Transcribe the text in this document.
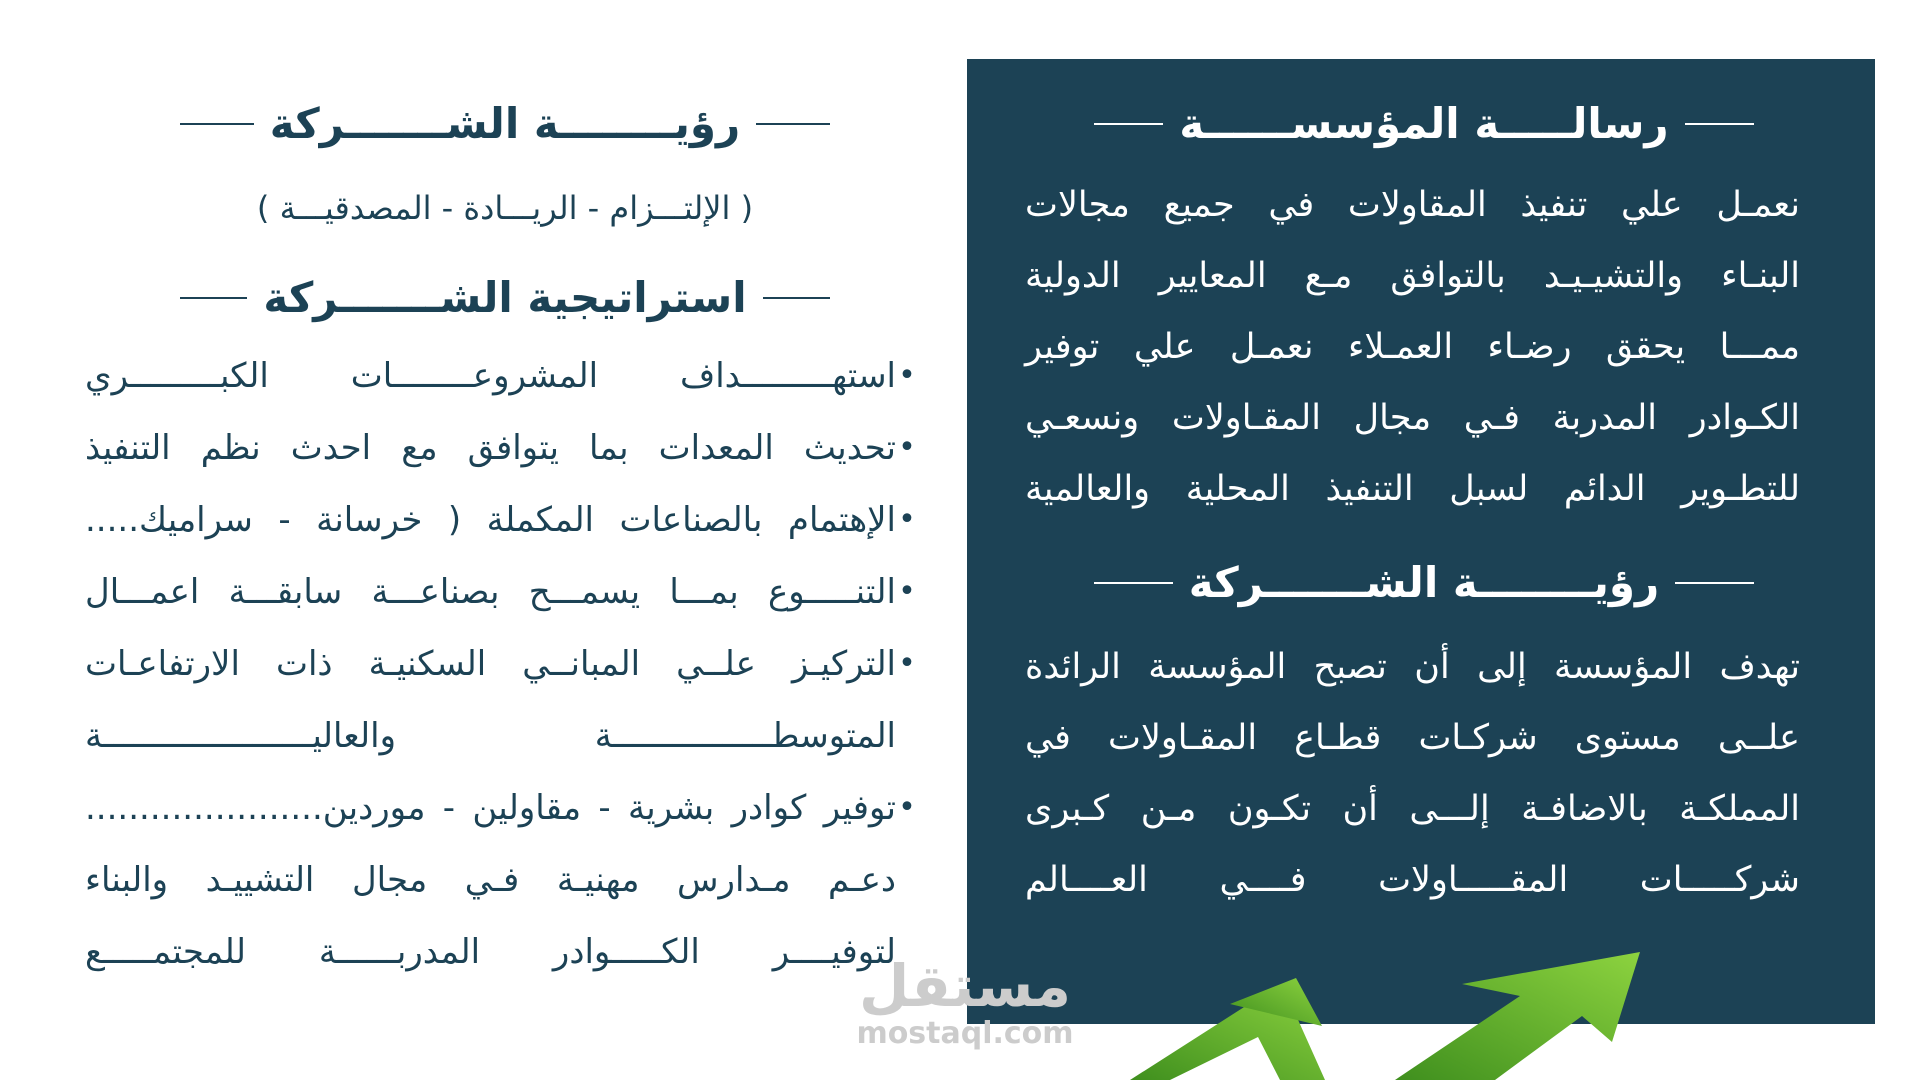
رسالـــــة المؤسســــــة

نعمـل علي تنفيذ المقاولات في جميع مجالات

البنـاء والتشيـيـد بالتوافق مـع المعايير الدولية

ممـــا يحقق رضـاء العمـلاء نعمـل علي توفير

الكـوادر المدربة فـي مجال المقـاولات ونسعـي

للتطـوير الدائم لسبل التنفيذ المحلية والعالمية

رؤيــــــــة الشـــــــركة

تهدف المؤسسة إلى أن تصبح المؤسسة الرائدة

علــى مستوى شركـات قطـاع المقـاولات في

المملكـة بالاضافـة إلـــى أن تكـون مـن كـبرى

شركـــــات المقـــــاولات فــــي العــــالم

رؤيــــــــة الشـــــــركة
( الإلتـــزام - الريـــادة - المصدقيـــة )
استراتيجية الشـــــــركة
•
استهـــــــــداف المشروعــــــــات الكبـــــــــري
•
تحديث المعدات بما يتوافق مع احدث نظم التنفيذ
•
الإهتمام بالصناعات المكملة ( خرسانة - سراميك.....
•
التنـــــوع بمـــا يسمـــح بصناعـــة سابقـــة اعمـــال
•
التركيـز علــي المبانــي السكنيـة ذات الارتفاعـات
المتوسطــــــــــــــــة والعاليـــــــــــــــــــــة
•
توفير كوادر بشرية - مقاولين - موردين......................
دعـم مـدارس مهنيـة فـي مجال التشييـد والبناء
لتوفيــــر الكـــــوادر المدربــــــة للمجتمـــــع
مستقل
mostaql.com
